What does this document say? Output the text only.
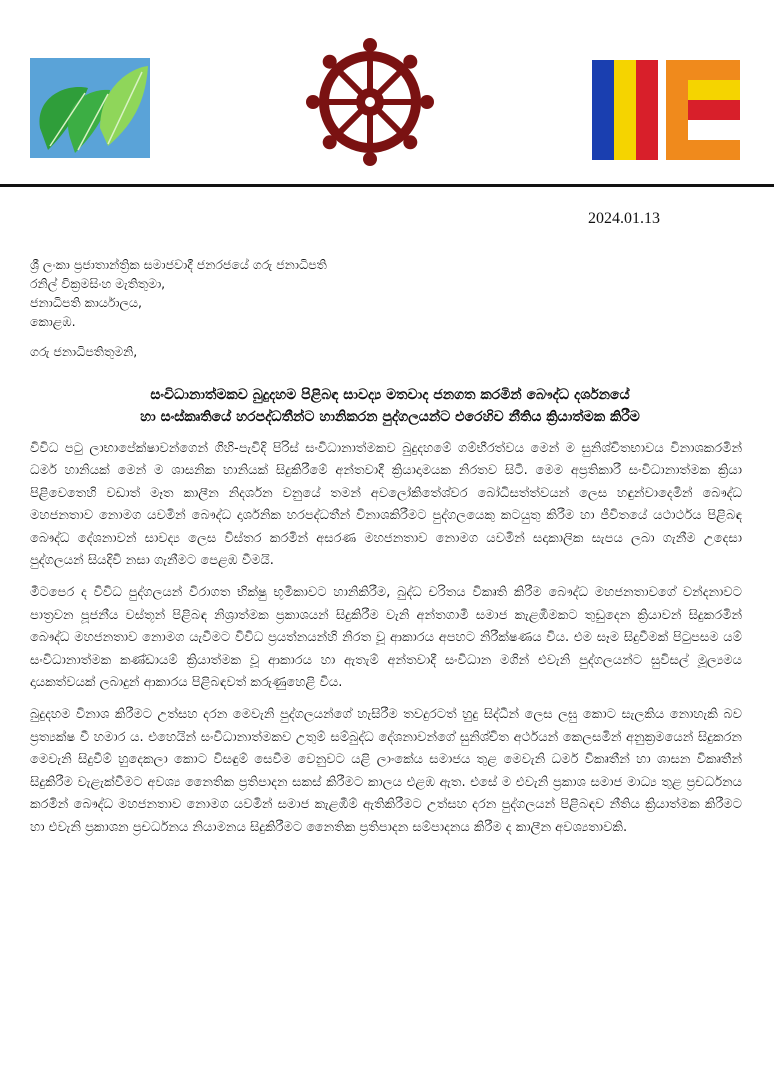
2024.01.13
ශ්‍රී ලංකා ප්‍රජාතාන්ත්‍රික සමාජවාදී ජනරජයේ ගරු ජනාධිපති
රනිල් වික්‍රමසිංහ මැතිතුමා,
ජනාධිපති කාර්යාලය,
කොළඹ.
ගරු ජනාධිපතිතුමනි,
සංවිධානාත්මකව බුදුදහම පිළිබඳ සාවද්‍ය මතවාද ජනගත කරමින් බෞද්ධ දර්ශනයේ
හා සංස්කෘතියේ හරපද්ධතීන්ට හානිකරන පුද්ගලයන්ට එරෙහිව නීතිය ක්‍රියාත්මක කිරීම

විවිධ පටු ලාභාපේක්ෂාවන්ගෙන් ගිහි-පැවිදි පිරිස් සංවිධානාත්මකව බුදුදහමේ ගම්භීරත්වය මෙන් ම සුනිශ්චිතභාවය විනාශකරමින් ධර්ම හානියක් මෙන් ම ශාසනික හානියක් සිදුකිරීමේ අන්තවාදී ක්‍රියාදාමයක නිරතව සිටී. මෙම අප්‍රතිකාරී සංවිධානාත්මක ක්‍රියා පිළිවෙතෙහි වඩාත් මෑත කාලීන නිදර්ශන වනුයේ තමන් අවලෝකිතේශ්වර බෝධිසත්ත්වයන් ලෙස හඳුන්වාදෙමින් බෞද්ධ මහජනතාව නොමග යවමින් බෞද්ධ දාර්ශනික හරපද්ධතීන් විනාශකිරීමට පුද්ගලයෙකු කටයුතු කිරීම හා ජීවිතයේ යථාර්ථය පිළිබඳ බෞද්ධ දේශනාවන් සාවද්‍ය ලෙස විස්තර කරමින් අසරණ මහජනතාව නොමග යවමින් සදාකාලික සැපය ලබා ගැනීම උදෙසා පුද්ගලයන් සියදිවි නසා ගැනීමට පෙළඹ වීමයි.

මීටපෙර ද විවිධ පුද්ගලයන් විරාගත භික්ෂු භූමිකාවට හානිකිරීම, බුද්ධ චරිතය විකෘති කිරීම බෞද්ධ මහජනතාවගේ වන්දනාවට පාත්‍රවන පූජනීය වස්තූන් පිළිබඳ නිශ්‍රාත්මක ප්‍රකාශයන් සිදුකිරීම වැනි අන්තගාමී සමාජ කැළඹීමකට තුඩුදෙන ක්‍රියාවන් සිදුකරමින් බෞද්ධ මහජනතාව නොමග යැවීමට විවිධ ප්‍රයත්නයන්හි නිරත වූ ආකාරය අපහට නිරීක්ෂණය විය. එම සෑම සිදුවීමක් පිටුපසම යම් සංවිධානාත්මක කණ්ඩායම් ක්‍රියාත්මක වූ ආකාරය හා ඇතැම් අන්තවාදී සංවිධාන මගින් එවැනි පුද්ගලයන්ට සුවිසල් මූල්‍යමය දායකත්වයක් ලබාදුන් ආකාරය පිළිබඳවත් කරුණුහෙළි විය.

බුදුදහම විනාශ කිරීමට උත්සහ දරන මෙවැනි පුද්ගලයන්ගේ හැසිරීම තවදුරටත් හුදු සිද්ධීන් ලෙස ලඝු කොට සැලකිය නොහැකි බව ප්‍රත්‍යක්ෂ වී හමාර ය. එහෙයින් සංවිධානාත්මකව උතුම් සම්බුද්ධ දේශනාවන්ගේ සුනිශ්චිත අර්ථයන් කෙලසමින් අනුක්‍රමයෙන් සිදුකරන මෙවැනි සිදුවීම් හුදෙකලා කොට විසඳුම් සෙවීම වෙනුවට යළි ලාංකේය සමාජය තුළ මෙවැනි ධර්ම විකෘතීන් හා ශාසන විකෘතීන් සිදුකිරීම වැළැක්වීමට අවශ්‍ය නෛතික ප්‍රතිපාදන සකස් කිරීමට කාලය එළඹ ඇත. එසේ ම එවැනි ප්‍රකාශ සමාජ මාධ්‍ය තුළ ප්‍රචර්ධනය කරමින් බෞද්ධ මහජනතාව නොමග යවමින් සමාජ කැළඹීම් ඇතිකිරීමට උත්සහ දරන පුද්ගලයන් පිළිබඳව නීතිය ක්‍රියාත්මක කිරීමට හා එවැනි ප්‍රකාශන ප්‍රචර්ධනය නියාමනය සිදුකිරීමට නෛතික ප්‍රතිපාදන සම්පාදනය කිරීම ද කාලීන අවශ්‍යතාවකි.
